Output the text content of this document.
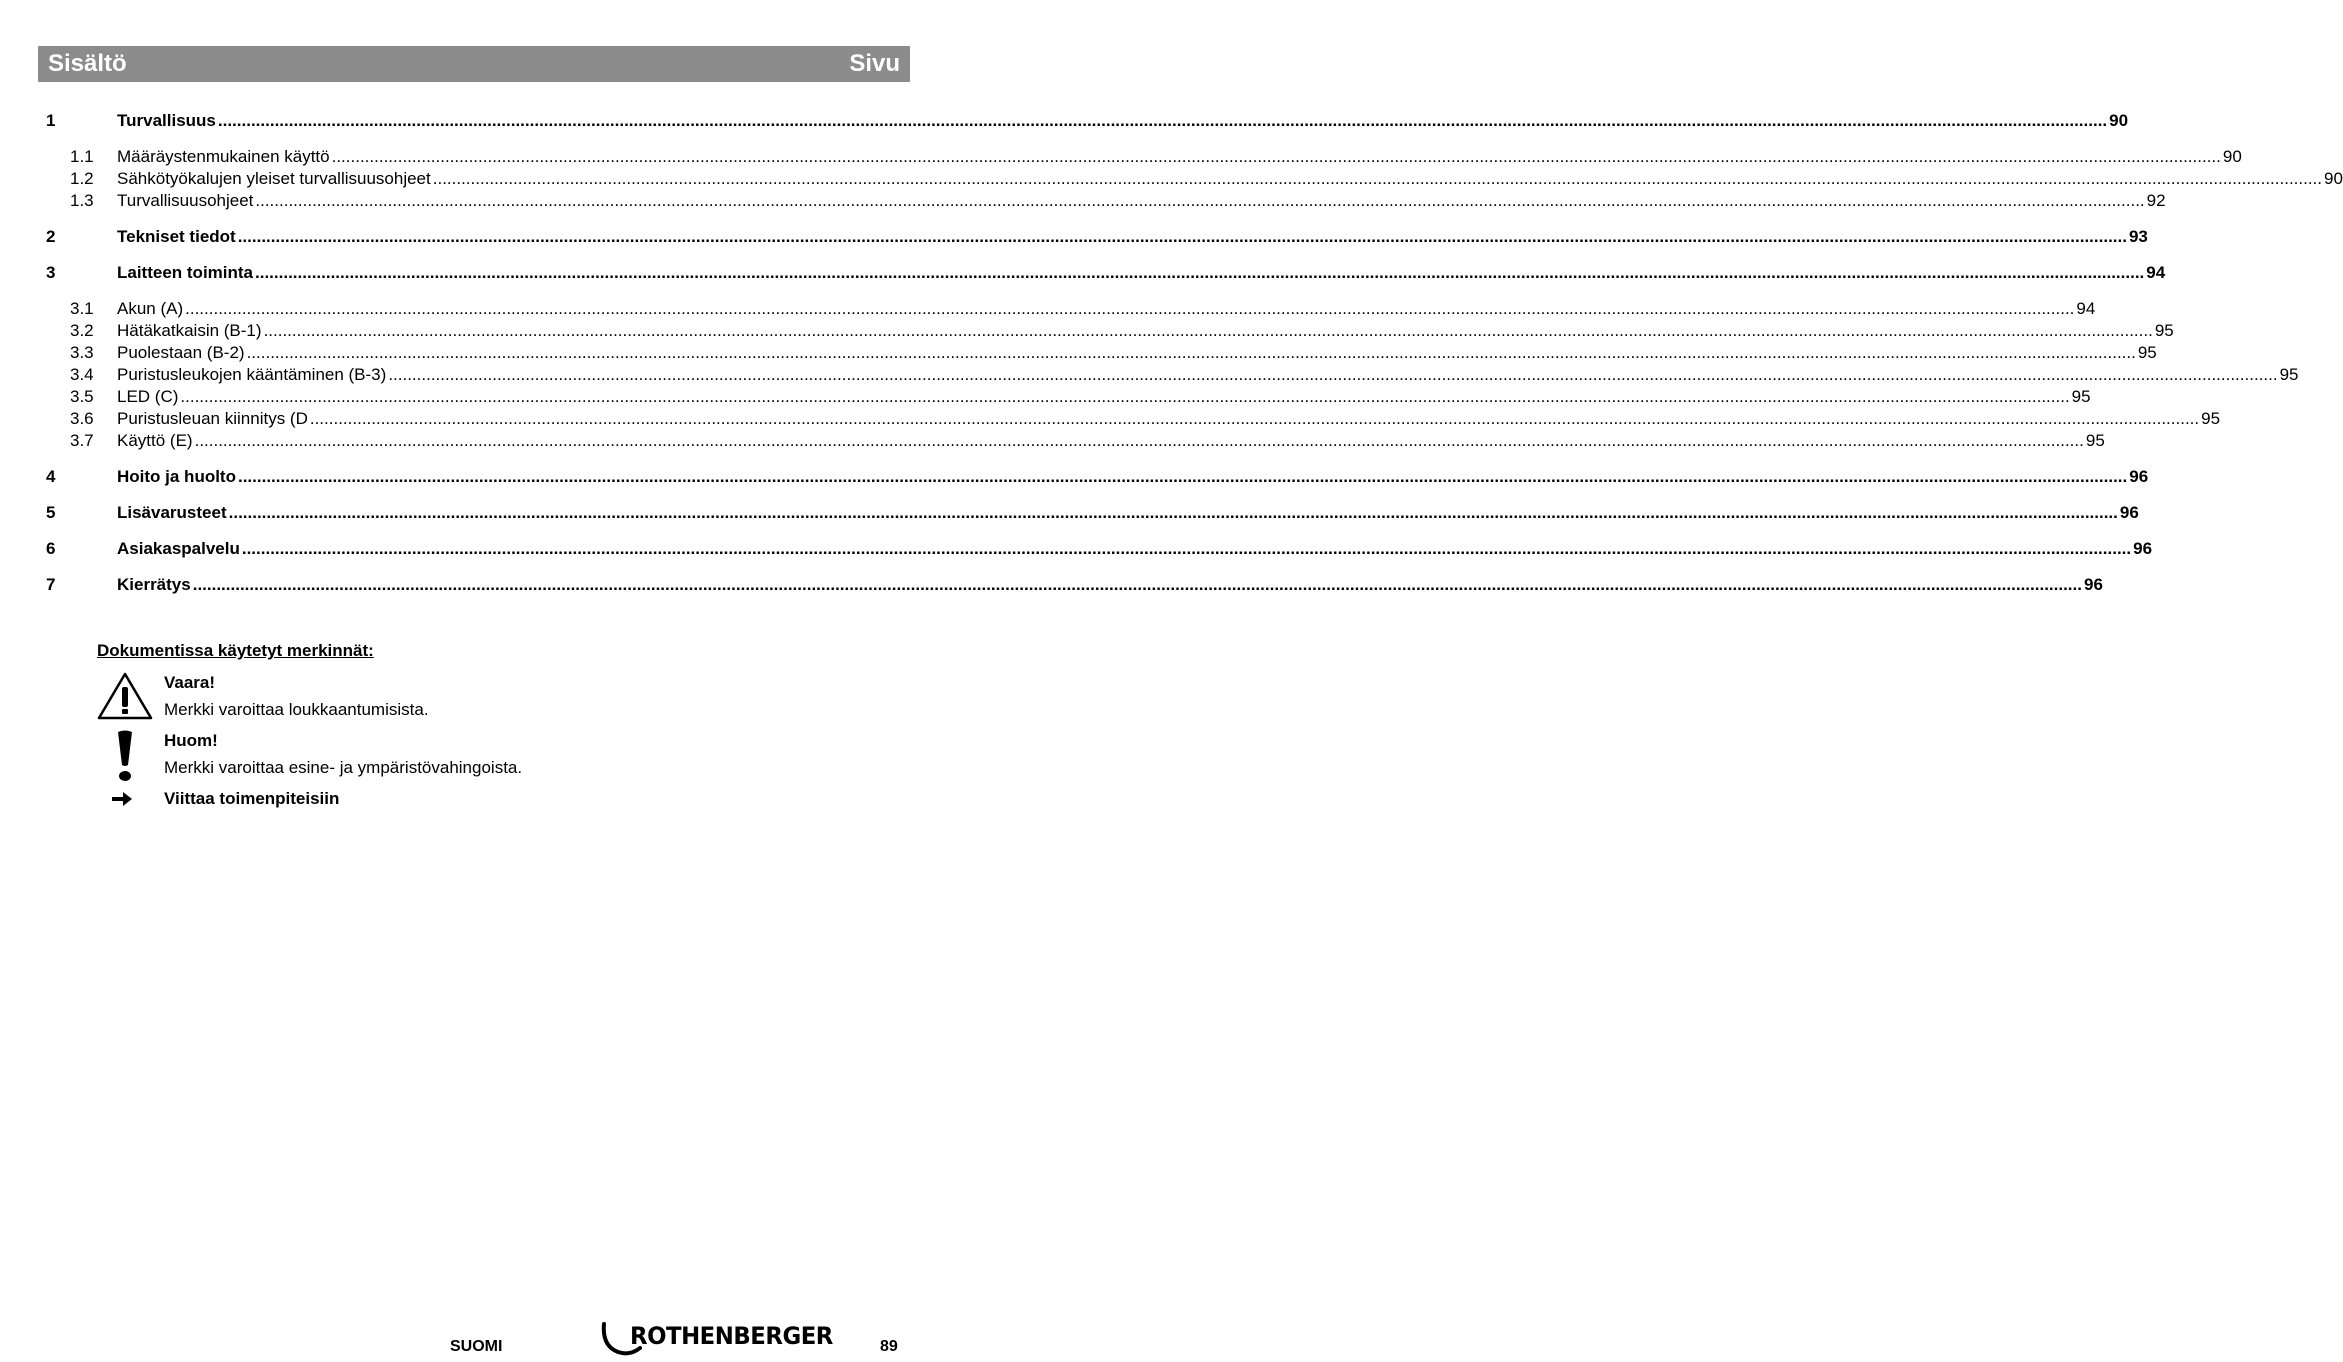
Sisältö	Sivu
1	Turvallisuus ................................................................................................................................................................................................................................................................................................................................................................................................................ 90
1.1	Määräystenmukainen käyttö ................................................................................................................................................................................................................................................................................................................................................................................................................ 90
1.2	Sähkötyökalujen yleiset turvallisuusohjeet ................................................................................................................................................................................................................................................................................................................................................................................................................ 90
1.3	Turvallisuusohjeet ................................................................................................................................................................................................................................................................................................................................................................................................................ 92
2	Tekniset tiedot ................................................................................................................................................................................................................................................................................................................................................................................................................ 93
3	Laitteen toiminta ................................................................................................................................................................................................................................................................................................................................................................................................................ 94
3.1	Akun (A) ................................................................................................................................................................................................................................................................................................................................................................................................................ 94
3.2	Hätäkatkaisin (B-1) ................................................................................................................................................................................................................................................................................................................................................................................................................ 95
3.3	Puolestaan (B-2) ................................................................................................................................................................................................................................................................................................................................................................................................................ 95
3.4	Puristusleukojen kääntäminen (B-3) ................................................................................................................................................................................................................................................................................................................................................................................................................ 95
3.5	LED (C) ................................................................................................................................................................................................................................................................................................................................................................................................................ 95
3.6	Puristusleuan kiinnitys (D ................................................................................................................................................................................................................................................................................................................................................................................................................ 95
3.7	Käyttö (E) ................................................................................................................................................................................................................................................................................................................................................................................................................ 95
4	Hoito ja huolto ................................................................................................................................................................................................................................................................................................................................................................................................................ 96
5	Lisävarusteet ................................................................................................................................................................................................................................................................................................................................................................................................................ 96
6	Asiakaspalvelu ................................................................................................................................................................................................................................................................................................................................................................................................................ 96
7	Kierrätys ................................................................................................................................................................................................................................................................................................................................................................................................................ 96

Dokumentissa käytetyt merkinnät:

Vaara!
Merkki varoittaa loukkaantumisista.
Huom!
Merkki varoittaa esine- ja ympäristövahingoista.
Viittaa toimenpiteisiin
SUOMI	ROTHENBERGER	89
